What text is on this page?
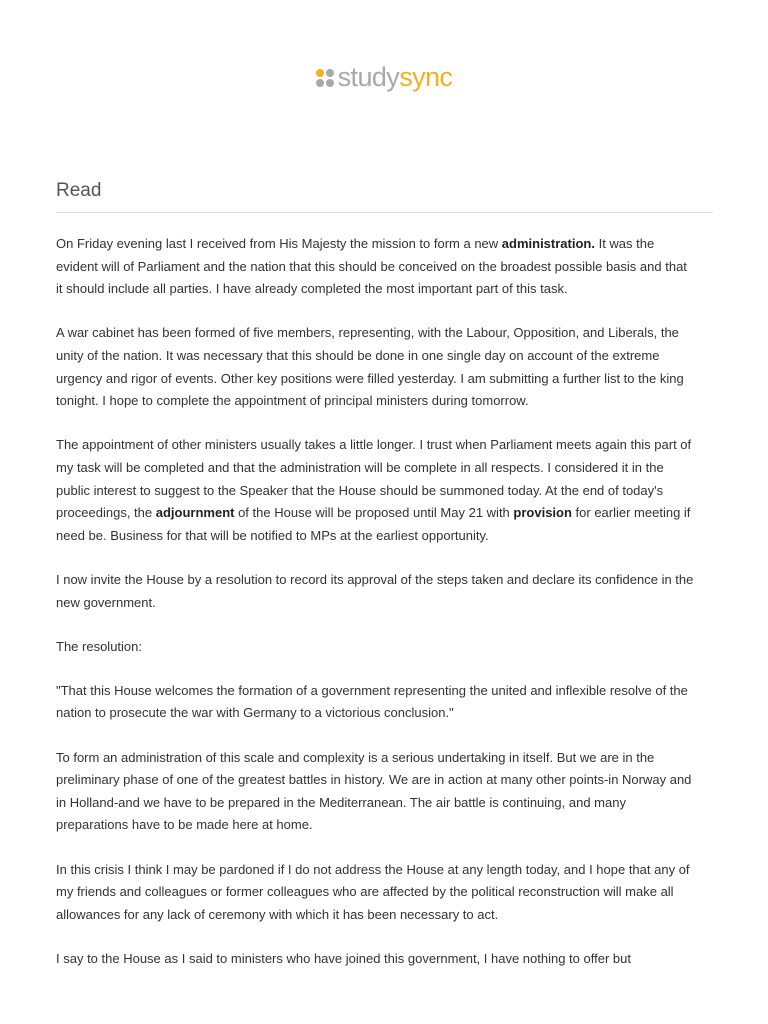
studysync
Read

On Friday evening last I received from His Majesty the mission to form a new administration. It was the evident will of Parliament and the nation that this should be conceived on the broadest possible basis and that it should include all parties. I have already completed the most important part of this task.

A war cabinet has been formed of five members, representing, with the Labour, Opposition, and Liberals, the unity of the nation. It was necessary that this should be done in one single day on account of the extreme urgency and rigor of events. Other key positions were filled yesterday. I am submitting a further list to the king tonight. I hope to complete the appointment of principal ministers during tomorrow.

The appointment of other ministers usually takes a little longer. I trust when Parliament meets again this part of my task will be completed and that the administration will be complete in all respects. I considered it in the public interest to suggest to the Speaker that the House should be summoned today. At the end of today's proceedings, the adjournment of the House will be proposed until May 21 with provision for earlier meeting if need be. Business for that will be notified to MPs at the earliest opportunity.

I now invite the House by a resolution to record its approval of the steps taken and declare its confidence in the new government.

The resolution:

"That this House welcomes the formation of a government representing the united and inflexible resolve of the nation to prosecute the war with Germany to a victorious conclusion."

To form an administration of this scale and complexity is a serious undertaking in itself. But we are in the preliminary phase of one of the greatest battles in history. We are in action at many other points-in Norway and in Holland-and we have to be prepared in the Mediterranean. The air battle is continuing, and many preparations have to be made here at home.

In this crisis I think I may be pardoned if I do not address the House at any length today, and I hope that any of my friends and colleagues or former colleagues who are affected by the political reconstruction will make all allowances for any lack of ceremony with which it has been necessary to act.

I say to the House as I said to ministers who have joined this government, I have nothing to offer but
